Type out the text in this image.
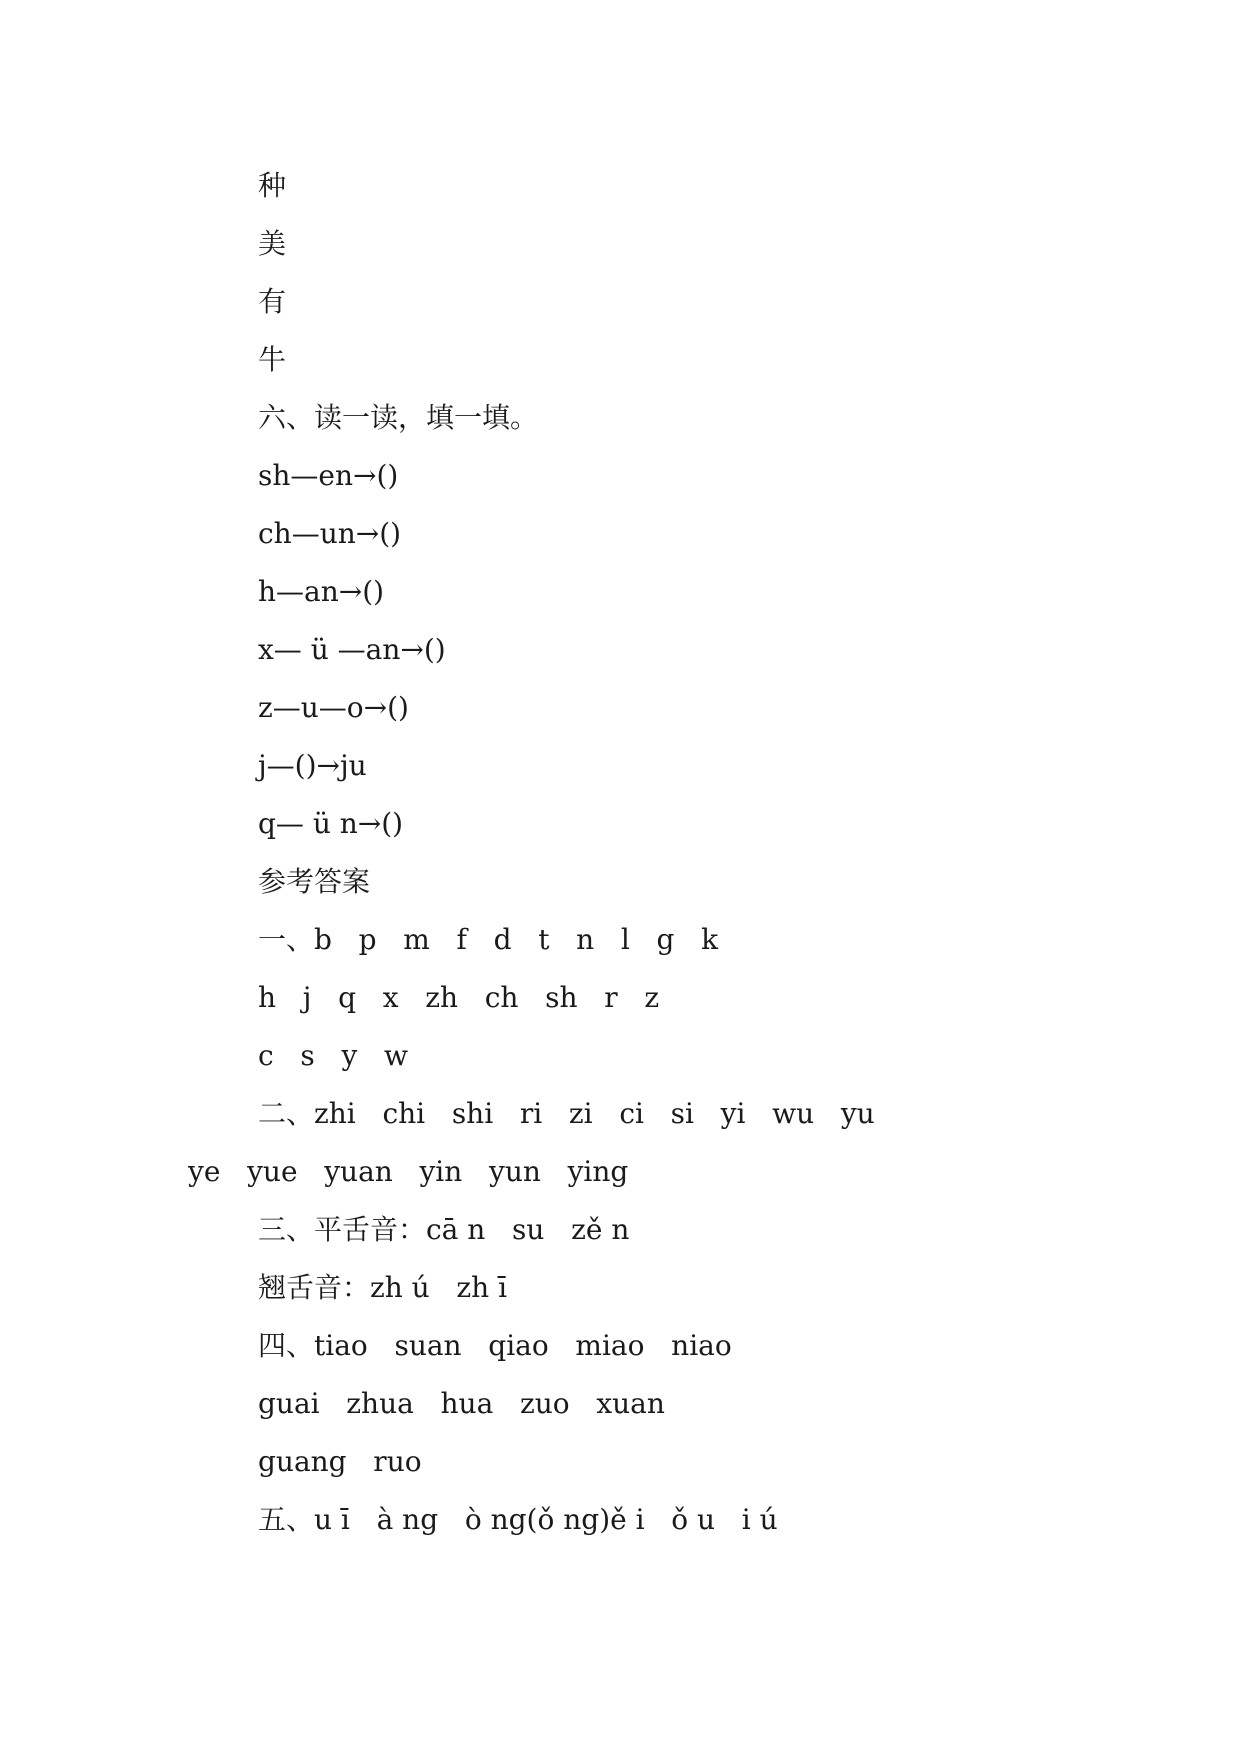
种
美
有
牛
六、读一读，填一填。
sh—en→()
ch—un→()
h—an→()
x— ü —an→()
z—u—o→()
j—()→ju
q— ü n→()
参考答案
一、b   p   m   f   d   t   n   l   g   k
h   j   q   x   zh   ch   sh   r   z
c   s   y   w
二、zhi   chi   shi   ri   zi   ci   si   yi   wu   yu
ye   yue   yuan   yin   yun   ying
三、平舌音：cā n   su   zě n
翘舌音：zh ú   zh ī
四、tiao   suan   qiao   miao   niao
guai   zhua   hua   zuo   xuan
guang   ruo
五、u ī   à ng   ò ng(ǒ ng)ě i   ǒ u   i ú
